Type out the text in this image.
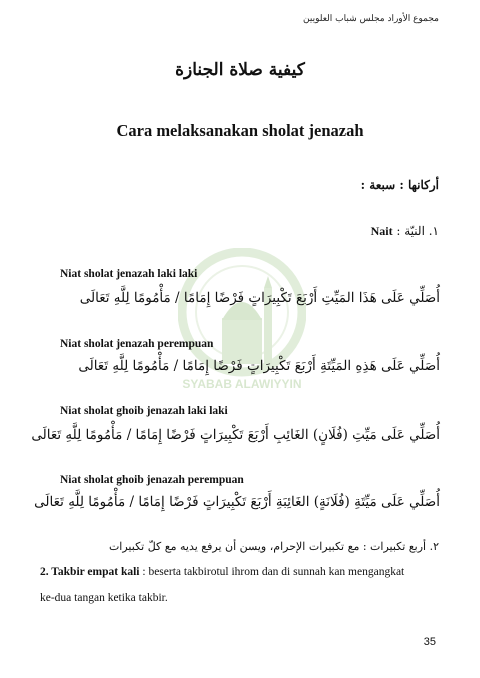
SYABAB ALAWIYYIN
مجموع الأوراد مجلس شباب العلويين
كيفية صلاة الجنازة
Cara melaksanakan sholat jenazah
أركانها : سبعة :
١. النيّة : Nait
Niat sholat jenazah laki laki
أُصَلِّي عَلَى هَذَا المَيِّتِ أَرْبَعَ تَكْبِيرَاتٍ فَرْضًا إِمَامًا / مَأْمُومًا لِلَّهِ تَعَالَى
Niat sholat jenazah perempuan
أُصَلِّي عَلَى هَذِهِ المَيِّتَةِ أَرْبَعَ تَكْبِيرَاتٍ فَرْضًا إِمَامًا / مَأْمُومًا لِلَّهِ تَعَالَى
Niat sholat ghoib jenazah laki laki
أُصَلِّي عَلَى مَيِّتِ (فُلَانٍ) الغَائِبِ أَرْبَعَ تَكْبِيرَاتٍ فَرْضًا إِمَامًا / مَأْمُومًا لِلَّهِ تَعَالَى
Niat sholat ghoib jenazah perempuan
أُصَلِّي عَلَى مَيِّتَةِ (فُلَانَةٍ) الغَائِبَةِ أَرْبَعَ تَكْبِيرَاتٍ فَرْضًا إِمَامًا / مَأْمُومًا لِلَّهِ تَعَالَى
٢. أربع تكبيرات : مع تكبيرات الإحرام، ويسن أن يرفع يديه مع كلّ تكبيرات
2. Takbir empat kali : beserta takbirotul ihrom dan di sunnah kan mengangkat
ke-dua tangan ketika takbir.
35
